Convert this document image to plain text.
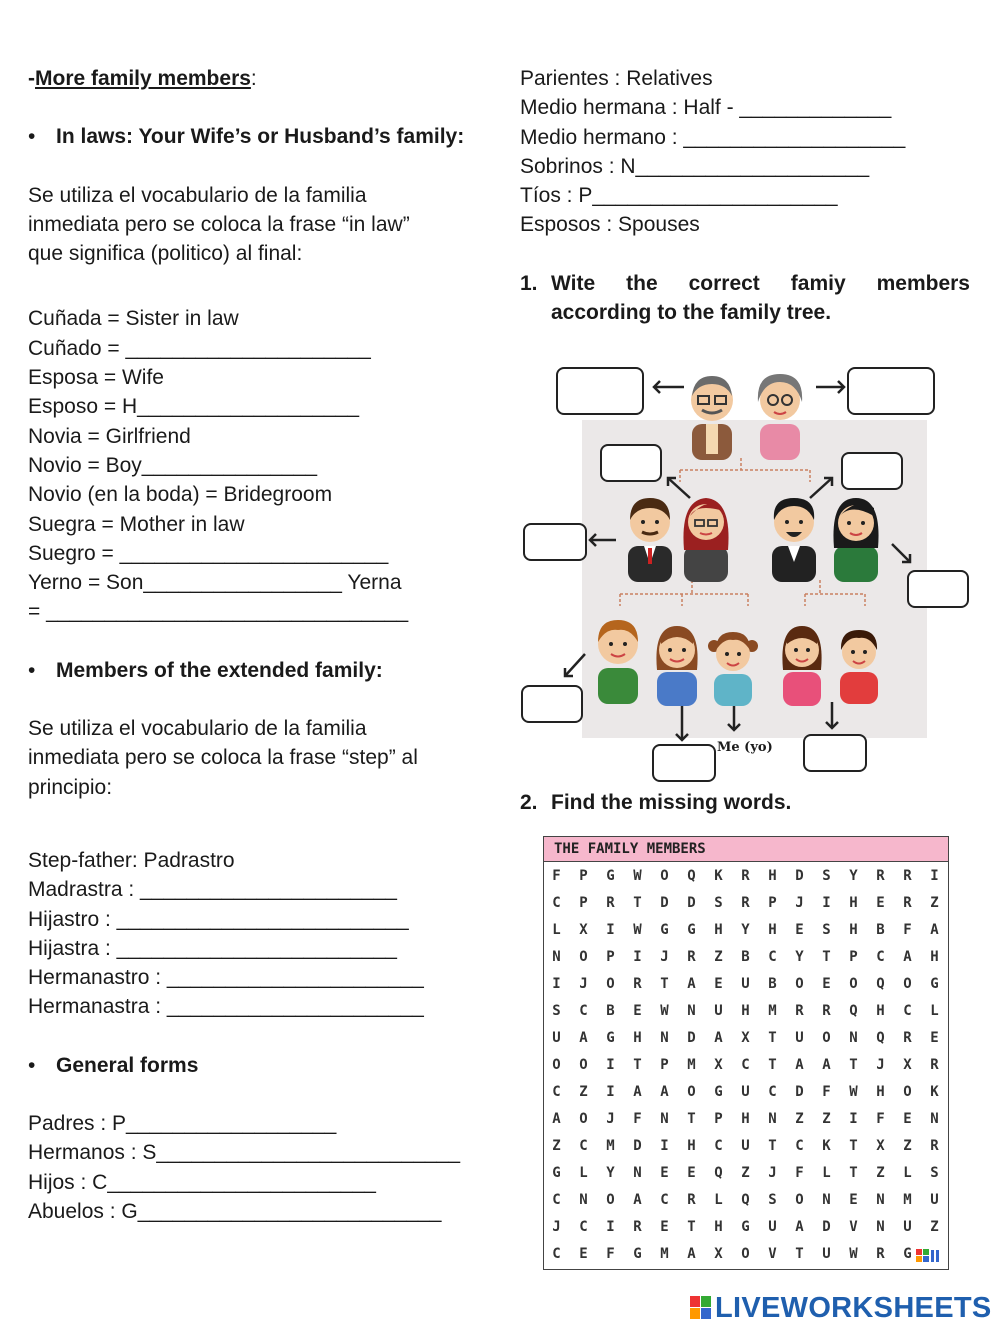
-More family members:
• In laws: Your Wife’s or Husband’s family:
Se utiliza el vocabulario de la familia
inmediata pero se coloca la frase “in law”
que significa (politico) al final:
Cuñada = Sister in law
Cuñado = _____________________
Esposa = Wife
Esposo = H___________________
Novia = Girlfriend
Novio = Boy_______________
Novio (en la boda) = Bridegroom
Suegra = Mother in law
Suegro = _______________________
Yerno = Son_________________ Yerna
= _______________________________
• Members of the extended family:
Se utiliza el vocabulario de la familia
inmediata pero se coloca la frase “step” al
principio:
Step-father: Padrastro
Madrastra : ______________________
Hijastro : _________________________
Hijastra : ________________________
Hermanastro : ______________________
Hermanastra : ______________________
• General forms
Padres : P__________________
Hermanos : S__________________________
Hijos : C_______________________
Abuelos : G__________________________
Parientes : Relatives
Medio hermana : Half - _____________
Medio hermano : ___________________
Sobrinos : N____________________
Tíos : P_____________________
Esposos : Spouses
1. Wite the correct famiy members
according to the family tree.
Me (yo)
2. Find the missing words.
THE FAMILY MEMBERS
F	P	G	W	O	Q	K	R	H	D	S	Y	R	R	I
C	P	R	T	D	D	S	R	P	J	I	H	E	R	Z
L	X	I	W	G	G	H	Y	H	E	S	H	B	F	A
N	O	P	I	J	R	Z	B	C	Y	T	P	C	A	H
I	J	O	R	T	A	E	U	B	O	E	O	Q	O	G
S	C	B	E	W	N	U	H	M	R	R	Q	H	C	L
U	A	G	H	N	D	A	X	T	U	O	N	Q	R	E
O	O	I	T	P	M	X	C	T	A	A	T	J	X	R
C	Z	I	A	A	O	G	U	C	D	F	W	H	O	K
A	O	J	F	N	T	P	H	N	Z	Z	I	F	E	N
Z	C	M	D	I	H	C	U	T	C	K	T	X	Z	R
G	L	Y	N	E	E	Q	Z	J	F	L	T	Z	L	S
C	N	O	A	C	R	L	Q	S	O	N	E	N	M	U
J	C	I	R	E	T	H	G	U	A	D	V	N	U	Z
C	E	F	G	M	A	X	O	V	T	U	W	R	G
LIVEWORKSHEETS
